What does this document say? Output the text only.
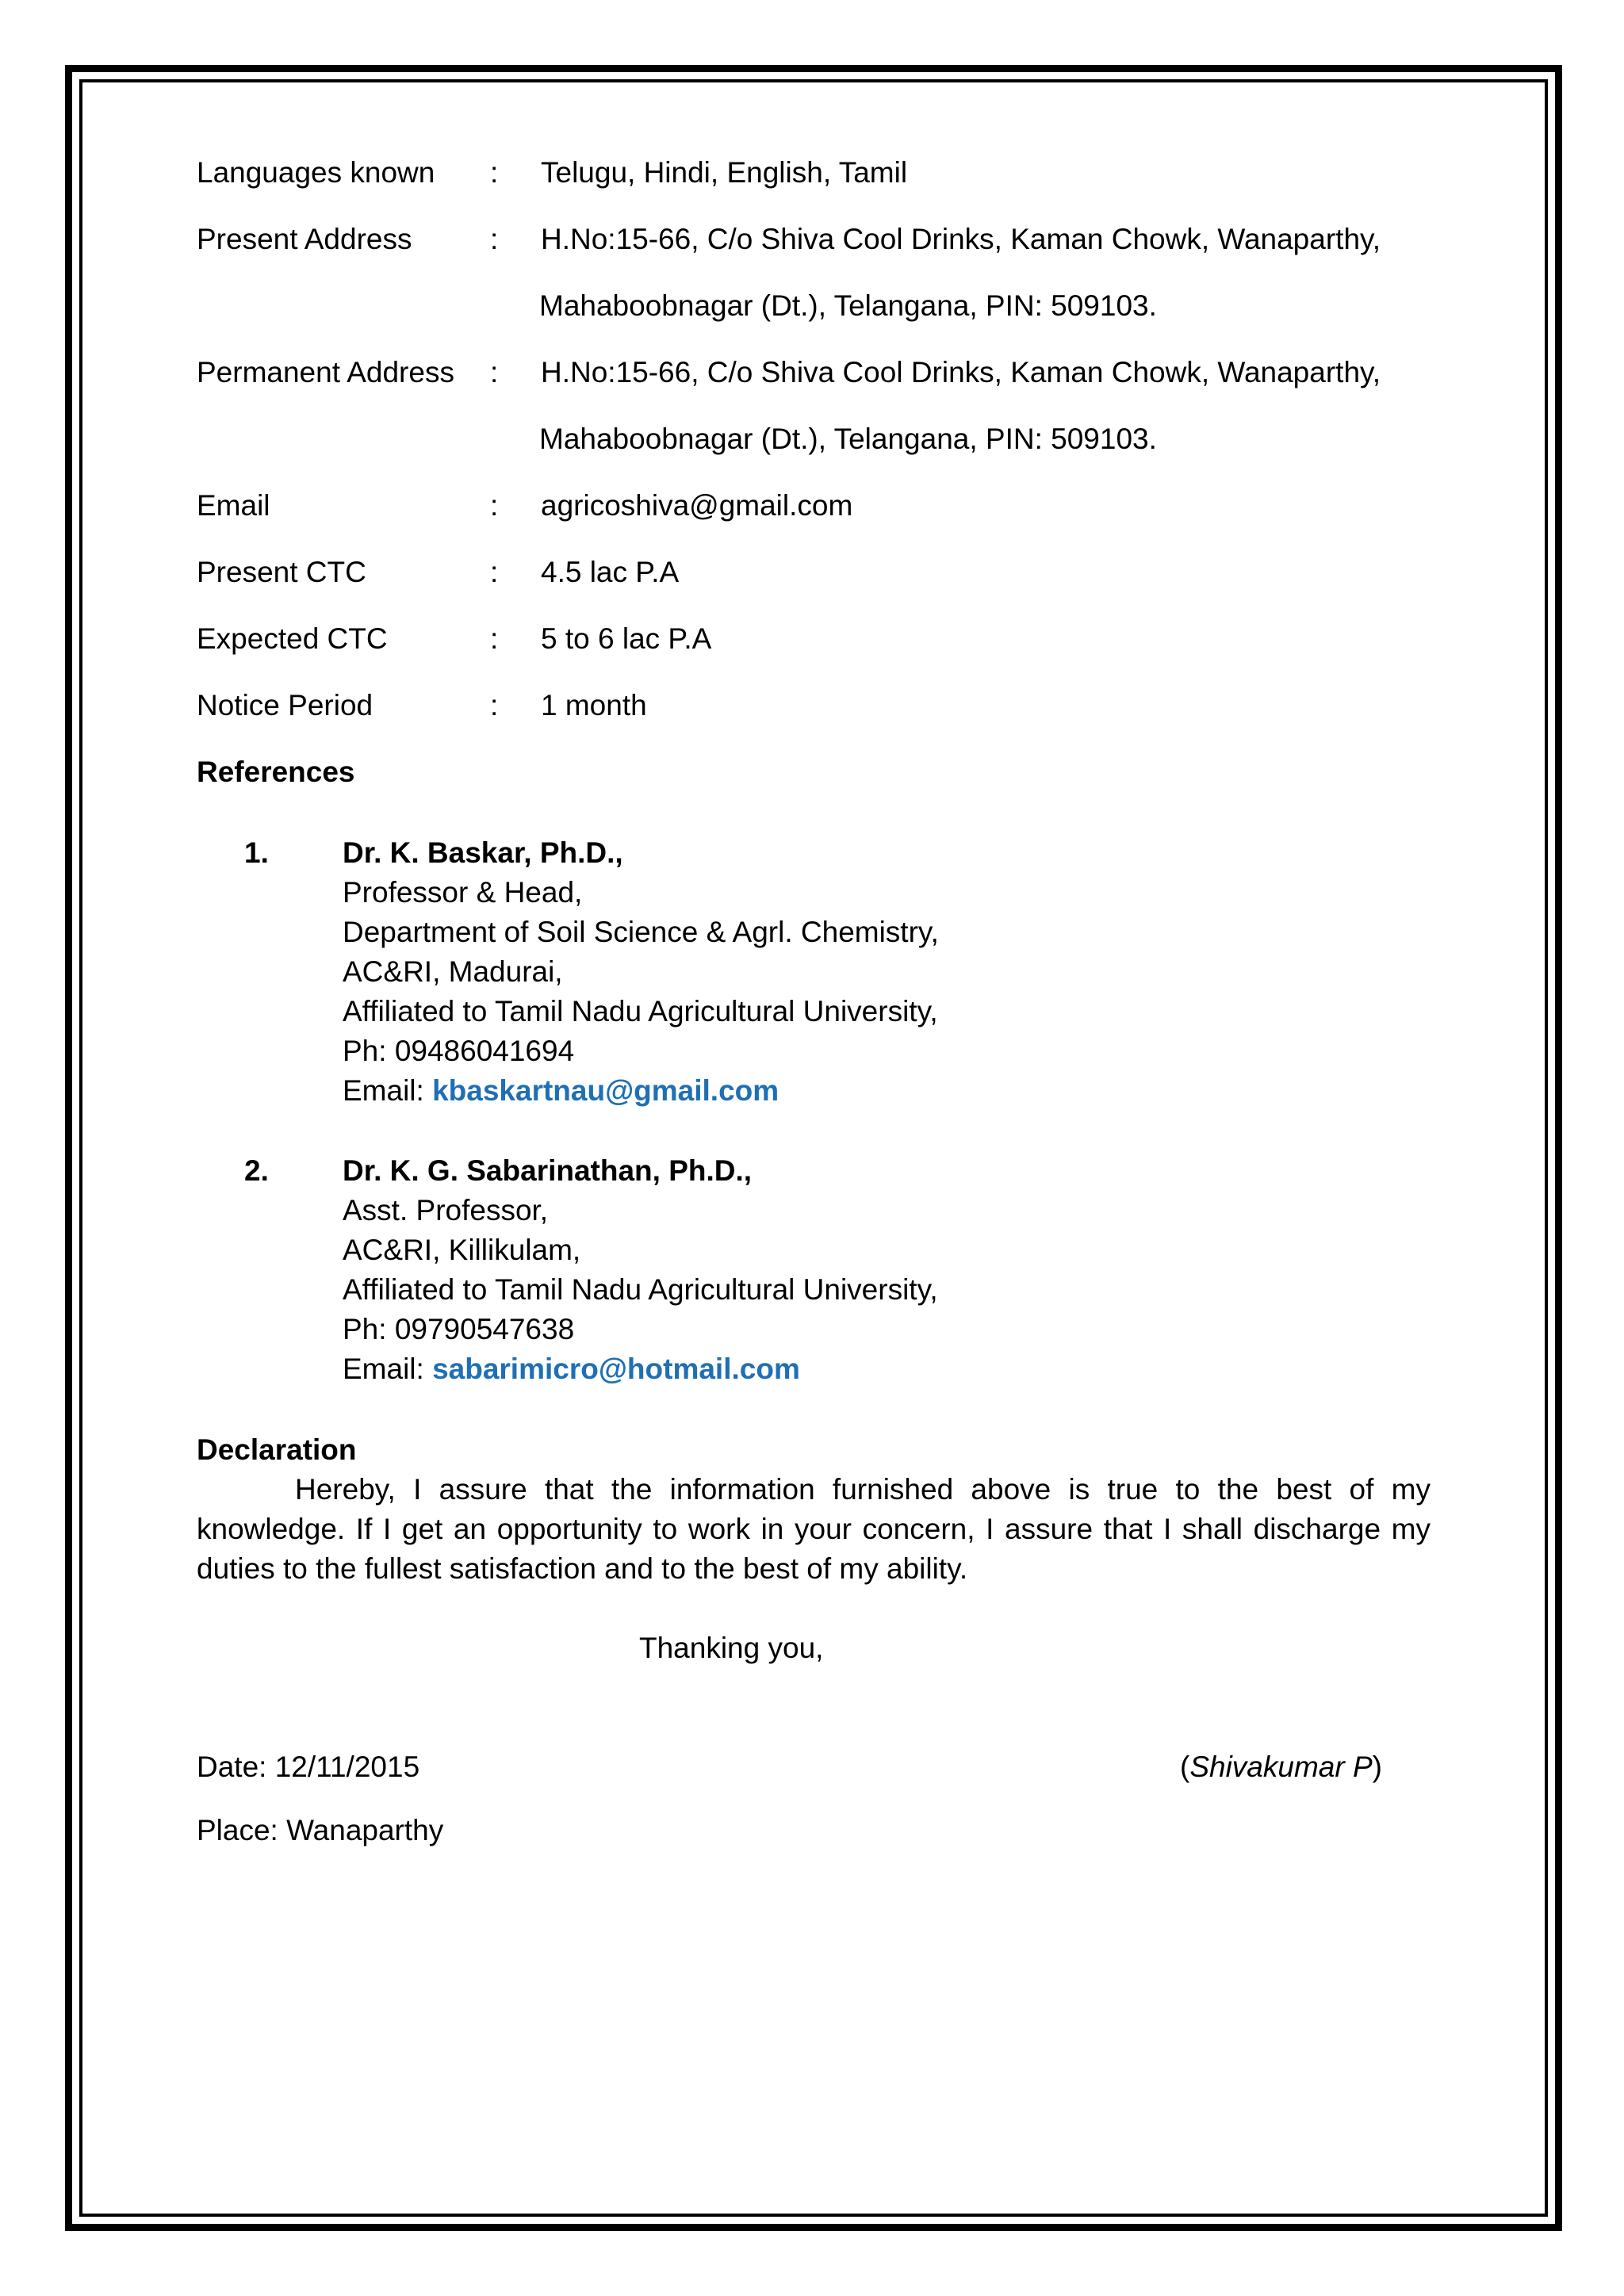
Languages known : Telugu, Hindi, English, Tamil
Present Address	: H.No:15-66, C/o Shiva Cool Drinks, Kaman Chowk, Wanaparthy,
Mahaboobnagar (Dt.), Telangana, PIN: 509103.
Permanent Address : H.No:15-66, C/o Shiva Cool Drinks, Kaman Chowk, Wanaparthy,
Mahaboobnagar (Dt.), Telangana, PIN: 509103.
Email	: agricoshiva@gmail.com
Present CTC	: 4.5 lac P.A
Expected CTC	: 5 to 6 lac P.A
Notice Period	: 1 month
References
1.	Dr. K. Baskar, Ph.D.,
Professor & Head,
Department of Soil Science & Agrl. Chemistry,
AC&RI, Madurai,
Affiliated to Tamil Nadu Agricultural University,
Ph: 09486041694
Email: kbaskartnau@gmail.com
2.	Dr. K. G. Sabarinathan, Ph.D.,
Asst. Professor,
AC&RI, Killikulam,
Affiliated to Tamil Nadu Agricultural University,
Ph: 09790547638
Email: sabarimicro@hotmail.com
Declaration

Hereby, I assure that the information furnished above is true to the best of my knowledge. If I get an opportunity to work in your concern, I assure that I shall discharge my duties to the fullest satisfaction and to the best of my ability.

Thanking you,
Date: 12/11/2015	(Shivakumar P)
Place: Wanaparthy
